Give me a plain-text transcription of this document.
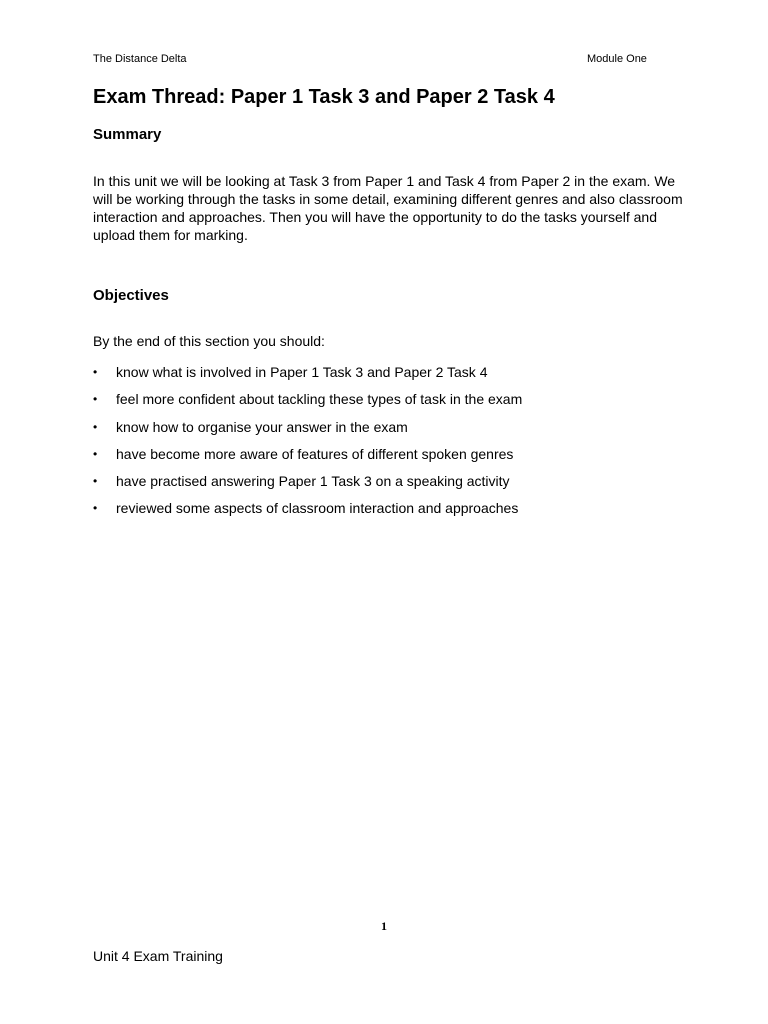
The Distance Delta	Module One
Exam Thread: Paper 1 Task 3 and Paper 2 Task 4
Summary

In this unit we will be looking at Task 3 from Paper 1 and Task 4 from Paper 2 in the exam. We will be working through the tasks in some detail, examining different genres and also classroom interaction and approaches. Then you will have the opportunity to do the tasks yourself and upload them for marking.

Objectives

By the end of this section you should:

•	know what is involved in Paper 1 Task 3 and Paper 2 Task 4
•	feel more confident about tackling these types of task in the exam
•	know how to organise your answer in the exam
•	have become more aware of features of different spoken genres
•	have practised answering Paper 1 Task 3 on a speaking activity
•	reviewed some aspects of classroom interaction and approaches
1
Unit 4 Exam Training
